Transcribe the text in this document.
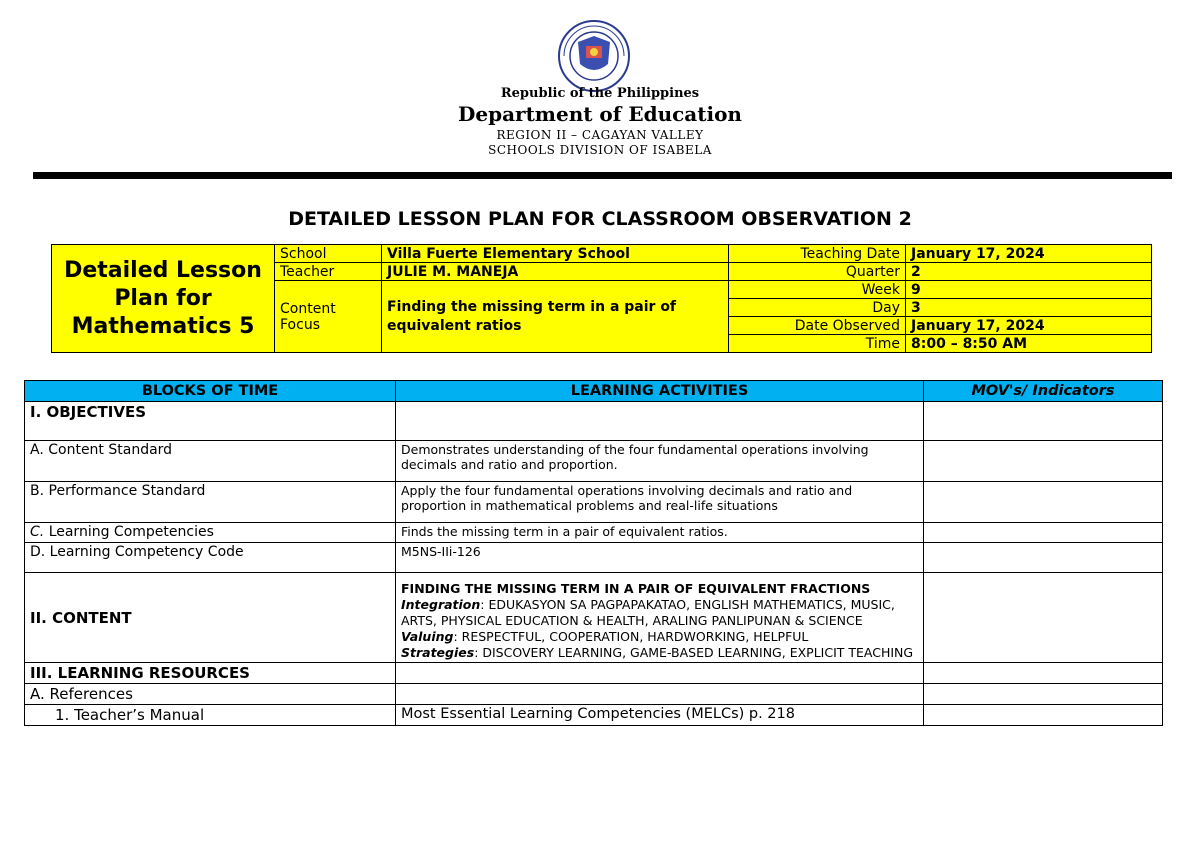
Republic of the Philippines
Department of Education
REGION II – CAGAYAN VALLEY
SCHOOLS DIVISION OF ISABELA
DETAILED LESSON PLAN FOR CLASSROOM OBSERVATION 2
Detailed Lesson Plan for Mathematics 5	School	Villa Fuerte Elementary School	Teaching Date	January 17, 2024
	Teacher	JULIE M. MANEJA	Quarter	2
	Content Focus	Finding the missing term in a pair of equivalent ratios	Week	9
			Day	3
			Date Observed	January 17, 2024
			Time	8:00 – 8:50 AM
BLOCKS OF TIME	LEARNING ACTIVITIES	MOV's/ Indicators
I. OBJECTIVES		
A. Content Standard	Demonstrates understanding of the four fundamental operations involving decimals and ratio and proportion.	
B. Performance Standard	Apply the four fundamental operations involving decimals and ratio and proportion in mathematical problems and real-life situations	
C. Learning Competencies	Finds the missing term in a pair of equivalent ratios.	
D. Learning Competency Code	M5NS-IIi-126	
II. CONTENT	FINDING THE MISSING TERM IN A PAIR OF EQUIVALENT FRACTIONS
Integration: EDUKASYON SA PAGPAPAKATAO, ENGLISH MATHEMATICS, MUSIC, ARTS, PHYSICAL EDUCATION & HEALTH, ARALING PANLIPUNAN & SCIENCE
Valuing: RESPECTFUL, COOPERATION, HARDWORKING, HELPFUL
Strategies: DISCOVERY LEARNING, GAME-BASED LEARNING, EXPLICIT TEACHING	

III. LEARNING RESOURCES		
A. References		
1. Teacher’s Manual	Most Essential Learning Competencies (MELCs) p. 218	
